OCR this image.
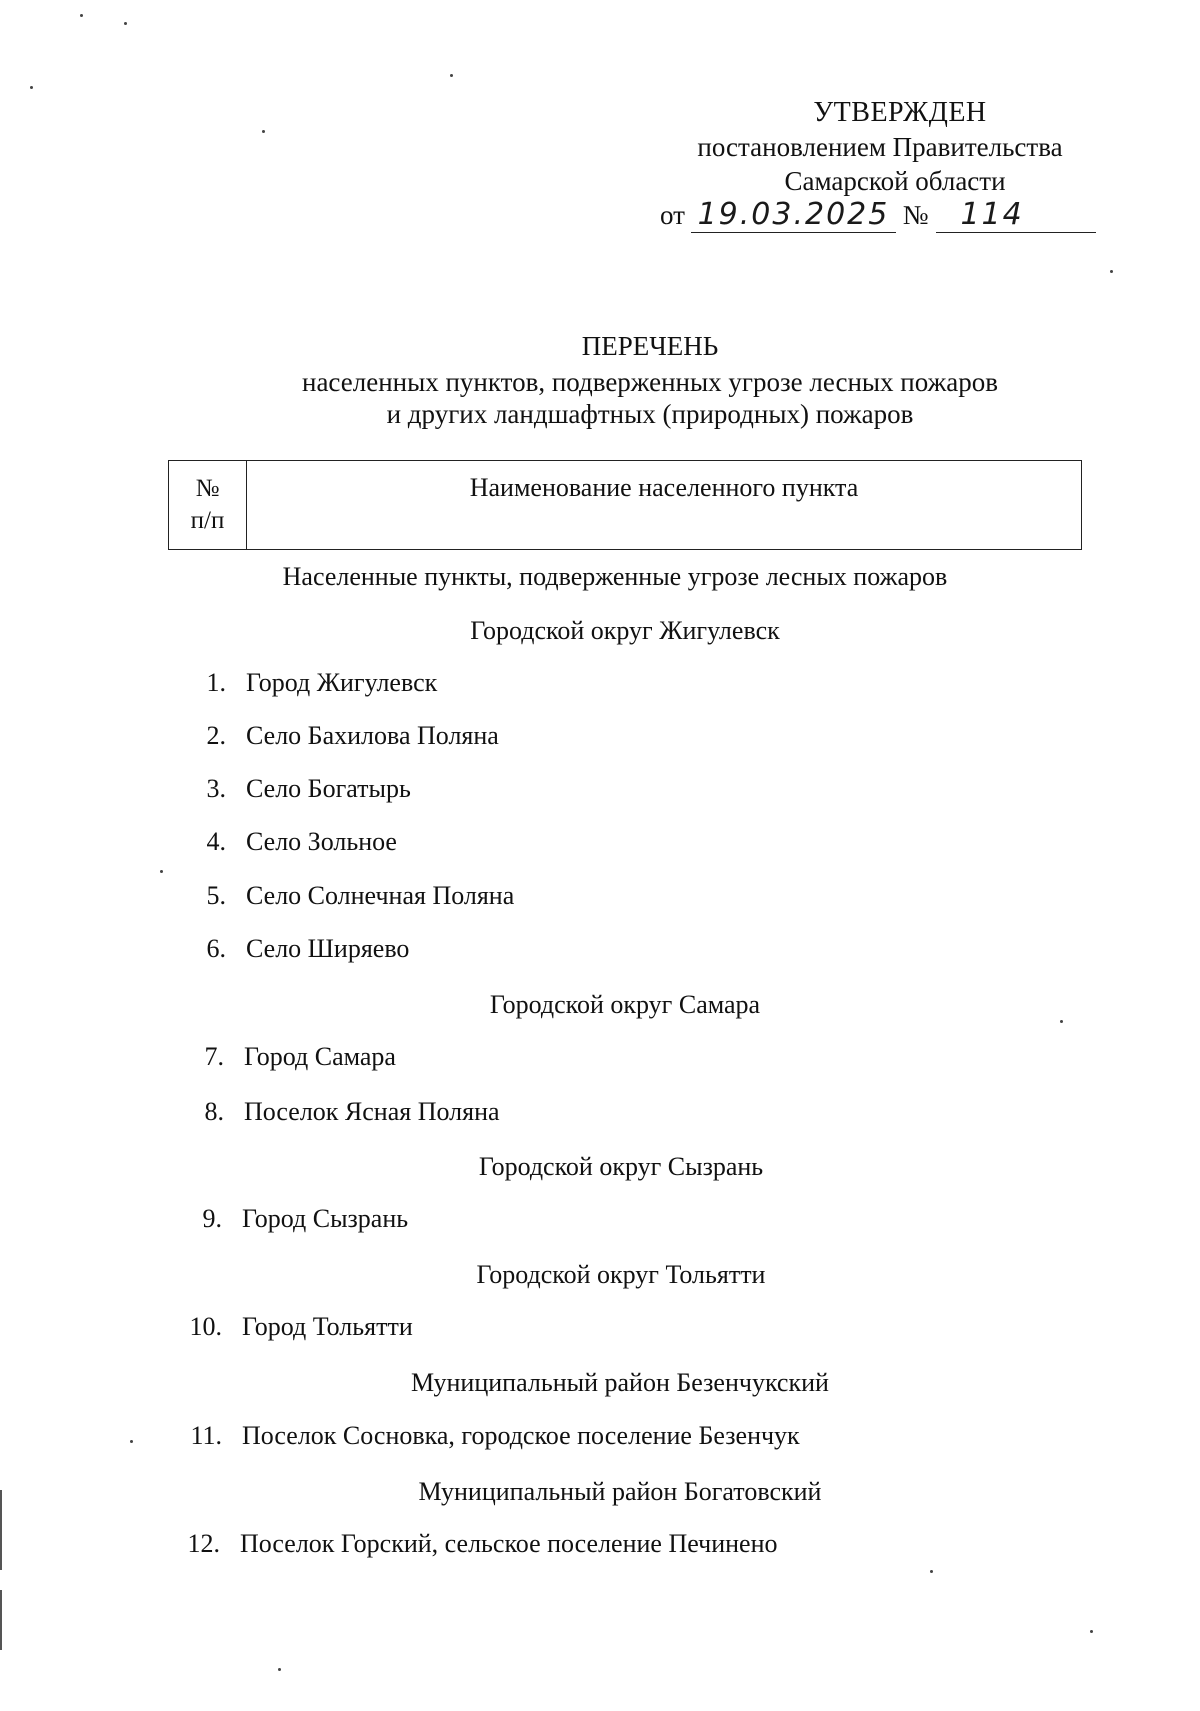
УТВЕРЖДЕН
постановлением Правительства
Самарской области
от 19.03.2025 № 114
ПЕРЕЧЕНЬ
населенных пунктов, подверженных угрозе лесных пожаров
и других ландшафтных (природных) пожаров
№
п/п
Наименование населенного пункта
Населенные пункты, подверженные угрозе лесных пожаров
Городской округ Жигулевск
1. Город Жигулевск
2. Село Бахилова Поляна
3. Село Богатырь
4. Село Зольное
5. Село Солнечная Поляна
6. Село Ширяево
Городской округ Самара
7. Город Самара
8. Поселок Ясная Поляна
Городской округ Сызрань
9. Город Сызрань
Городской округ Тольятти
10. Город Тольятти
Муниципальный район Безенчукский
11. Поселок Сосновка, городское поселение Безенчук
Муниципальный район Богатовский
12. Поселок Горский, сельское поселение Печинено
